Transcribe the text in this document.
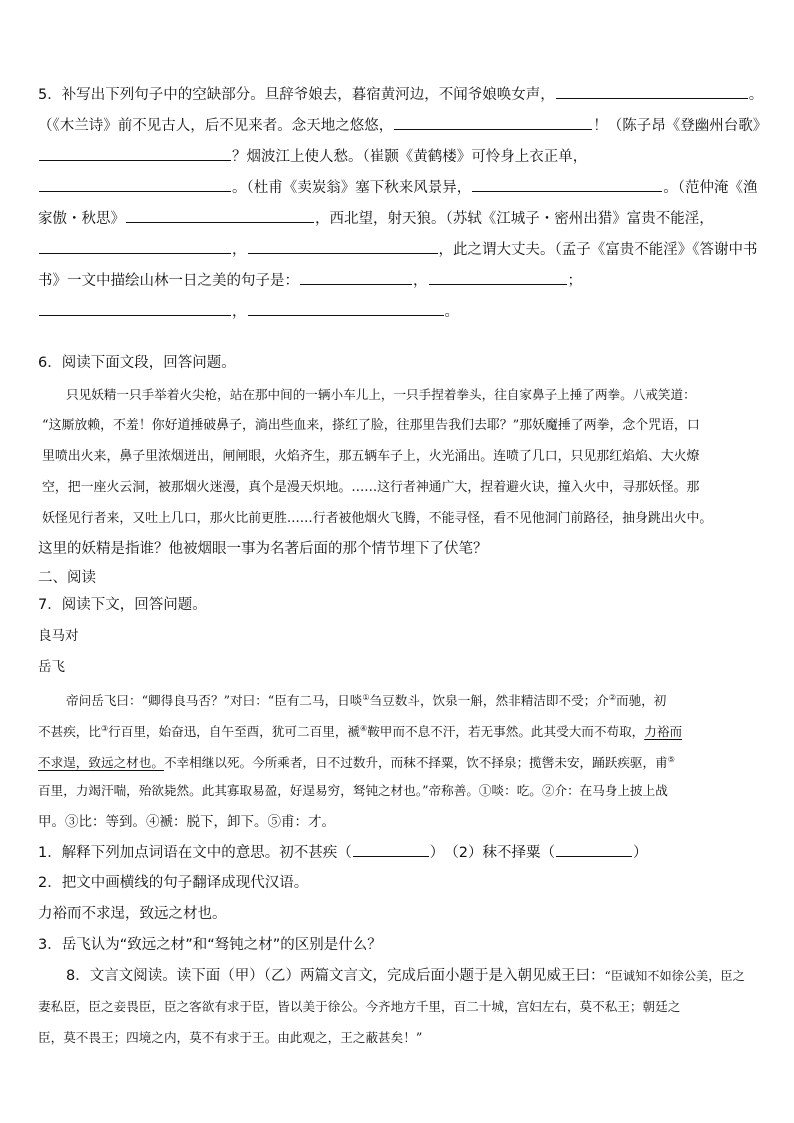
5．补写出下列句子中的空缺部分。旦辞爷娘去，暮宿黄河边，不闻爷娘唤女声，	。
（《木兰诗》前不见古人，后不见来者。念天地之悠悠，	！（陈子昂《登幽州台歌》
？烟波江上使人愁。（崔颢《黄鹤楼》可怜身上衣正单，
。（杜甫《卖炭翁》塞下秋来风景异，	。（范仲淹《渔
家傲・秋思》	，西北望，射天狼。（苏轼《江城子・密州出猎》富贵不能淫，
，	，此之谓大丈夫。（孟子《富贵不能淫》《答谢中书
书》一文中描绘山林一日之美的句子是：	，	；
，	。
6．阅读下面文段，回答问题。
只见妖精一只手举着火尖枪，站在那中间的一辆小车儿上，一只手捏着拳头，往自家鼻子上捶了两拳。八戒笑道：
“这厮放赖，不羞！你好道捶破鼻子，淌出些血来，搽红了脸，往那里告我们去耶？”那妖魔捶了两拳，念个咒语，口
里喷出火来，鼻子里浓烟迸出，闸闸眼，火焰齐生，那五辆车子上，火光涌出。连喷了几口，只见那红焰焰、大火燎
空，把一座火云洞，被那烟火迷漫，真个是漫天炽地。……这行者神通广大，捏着避火诀，撞入火中，寻那妖怪。那
妖怪见行者来，又吐上几口，那火比前更胜……行者被他烟火飞腾，不能寻怪，看不见他洞门前路径，抽身跳出火中。
这里的妖精是指谁？他被烟眼一事为名著后面的那个情节埋下了伏笔？
二、阅读
7．阅读下文，回答问题。
良马对
岳飞
帝问岳飞曰：“卿得良马否？”对曰：“臣有二马，日啖①刍豆数斗，饮泉一斛，然非精洁即不受；介②而驰，初
不甚疾，比③行百里，始奋迅，自午至酉，犹可二百里，褫④鞍甲而不息不汗，若无事然。此其受大而不苟取，力裕而
不求逞，致远之材也。不幸相继以死。今所乘者，日不过数升，而秣不择粟，饮不择泉；揽辔未安，踊跃疾驱，甫⑤
百里，力竭汗喘，殆欲毙然。此其寡取易盈，好逞易穷，驽钝之材也。”帝称善。①啖：吃。②介：在马身上披上战
甲。③比：等到。④褫：脱下，卸下。⑤甫：才。
1．解释下列加点词语在文中的意思。初不甚疾（	）　（2）秣不择粟（	）
2．把文中画横线的句子翻译成现代汉语。
力裕而不求逞，致远之材也。
3．岳飞认为“致远之材”和“驽钝之材”的区别是什么？
8．文言文阅读。读下面（甲）（乙）两篇文言文，完成后面小题于是入朝见威王曰：“臣诚知不如徐公美，臣之
妻私臣，臣之妾畏臣，臣之客欲有求于臣，皆以美于徐公。今齐地方千里，百二十城，宫妇左右，莫不私王；朝廷之
臣，莫不畏王；四境之内，莫不有求于王。由此观之，王之蔽甚矣！”
